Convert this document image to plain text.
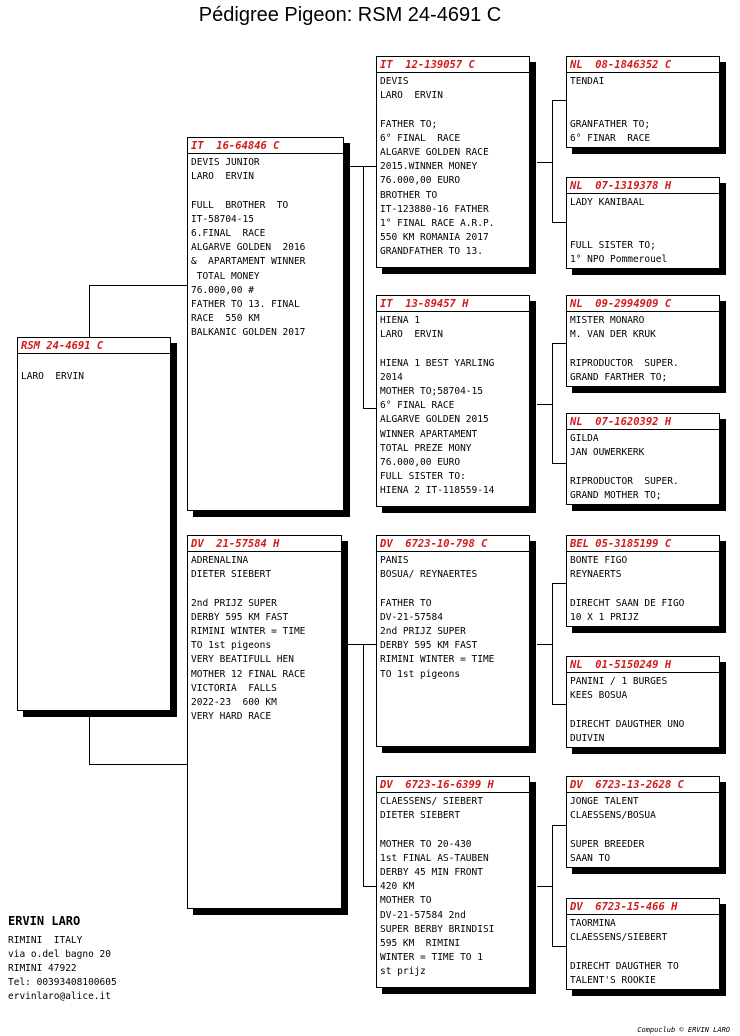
Pédigree Pigeon: RSM 24-4691 C
RSM 24-4691 C
LARO  ERVIN
IT  16-64846 C
DEVIS JUNIOR
LARO  ERVIN
FULL  BROTHER  TO
IT-58704-15
6.FINAL  RACE
ALGARVE GOLDEN  2016
&  APARTAMENT WINNER
TOTAL MONEY
76.000,00 #
FATHER TO 13. FINAL
RACE  550 KM
BALKANIC GOLDEN 2017
DV  21-57584 H
ADRENALINA
DIETER SIEBERT
2nd PRIJZ SUPER
DERBY 595 KM FAST
RIMINI WINTER = TIME
TO 1st pigeons
VERY BEATIFULL HEN
MOTHER 12 FINAL RACE
VICTORIA  FALLS
2022-23  600 KM
VERY HARD RACE
IT  12-139057 C
DEVIS
LARO  ERVIN
FATHER TO;
6° FINAL  RACE
ALGARVE GOLDEN RACE
2015.WINNER MONEY
76.000,00 EURO
BROTHER TO
IT-123880-16 FATHER
1° FINAL RACE A.R.P.
550 KM ROMANIA 2017
GRANDFATHER TO 13.
IT  13-89457 H
HIENA 1
LARO  ERVIN
HIENA 1 BEST YARLING
2014
MOTHER TO;58704-15
6° FINAL RACE
ALGARVE GOLDEN 2015
WINNER APARTAMENT
TOTAL PREZE MONY
76.000,00 EURO
FULL SISTER TO:
HIENA 2 IT-118559-14
DV  6723-10-798 C
PANIS
BOSUA/ REYNAERTES
FATHER TO
DV-21-57584
2nd PRIJZ SUPER
DERBY 595 KM FAST
RIMINI WINTER = TIME
TO 1st pigeons
DV  6723-16-6399 H
CLAESSENS/ SIEBERT
DIETER SIEBERT
MOTHER TO 20-430
1st FINAL AS-TAUBEN
DERBY 45 MIN FRONT
420 KM
MOTHER TO
DV-21-57584 2nd
SUPER BERBY BRINDISI
595 KM  RIMINI
WINTER = TIME TO 1
st prijz
NL  08-1846352 C
TENDAI
GRANFATHER TO;
6° FINAR  RACE
NL  07-1319378 H
LADY KANIBAAL
FULL SISTER TO;
1° NPO Pommerouel
NL  09-2994909 C
MISTER MONARO
M. VAN DER KRUK
RIPRODUCTOR  SUPER.
GRAND FARTHER TO;
NL  07-1620392 H
GILDA
JAN OUWERKERK
RIPRODUCTOR  SUPER.
GRAND MOTHER TO;
BEL 05-3185199 C
BONTE FIGO
REYNAERTS
DIRECHT SAAN DE FIGO
10 X 1 PRIJZ
NL  01-5150249 H
PANINI / 1 BURGES
KEES BOSUA
DIRECHT DAUGTHER UNO
DUIVIN
DV  6723-13-2628 C
JONGE TALENT
CLAESSENS/BOSUA
SUPER BREEDER
SAAN TO
DV  6723-15-466 H
TAORMINA
CLAESSENS/SIEBERT
DIRECHT DAUGTHER TO
TALENT'S ROOKIE
ERVIN LARO
RIMINI  ITALY
via o.del bagno 20
RIMINI 47922
Tel: 00393408100605
ervinlaro@alice.it
Compuclub © ERVIN LARO
